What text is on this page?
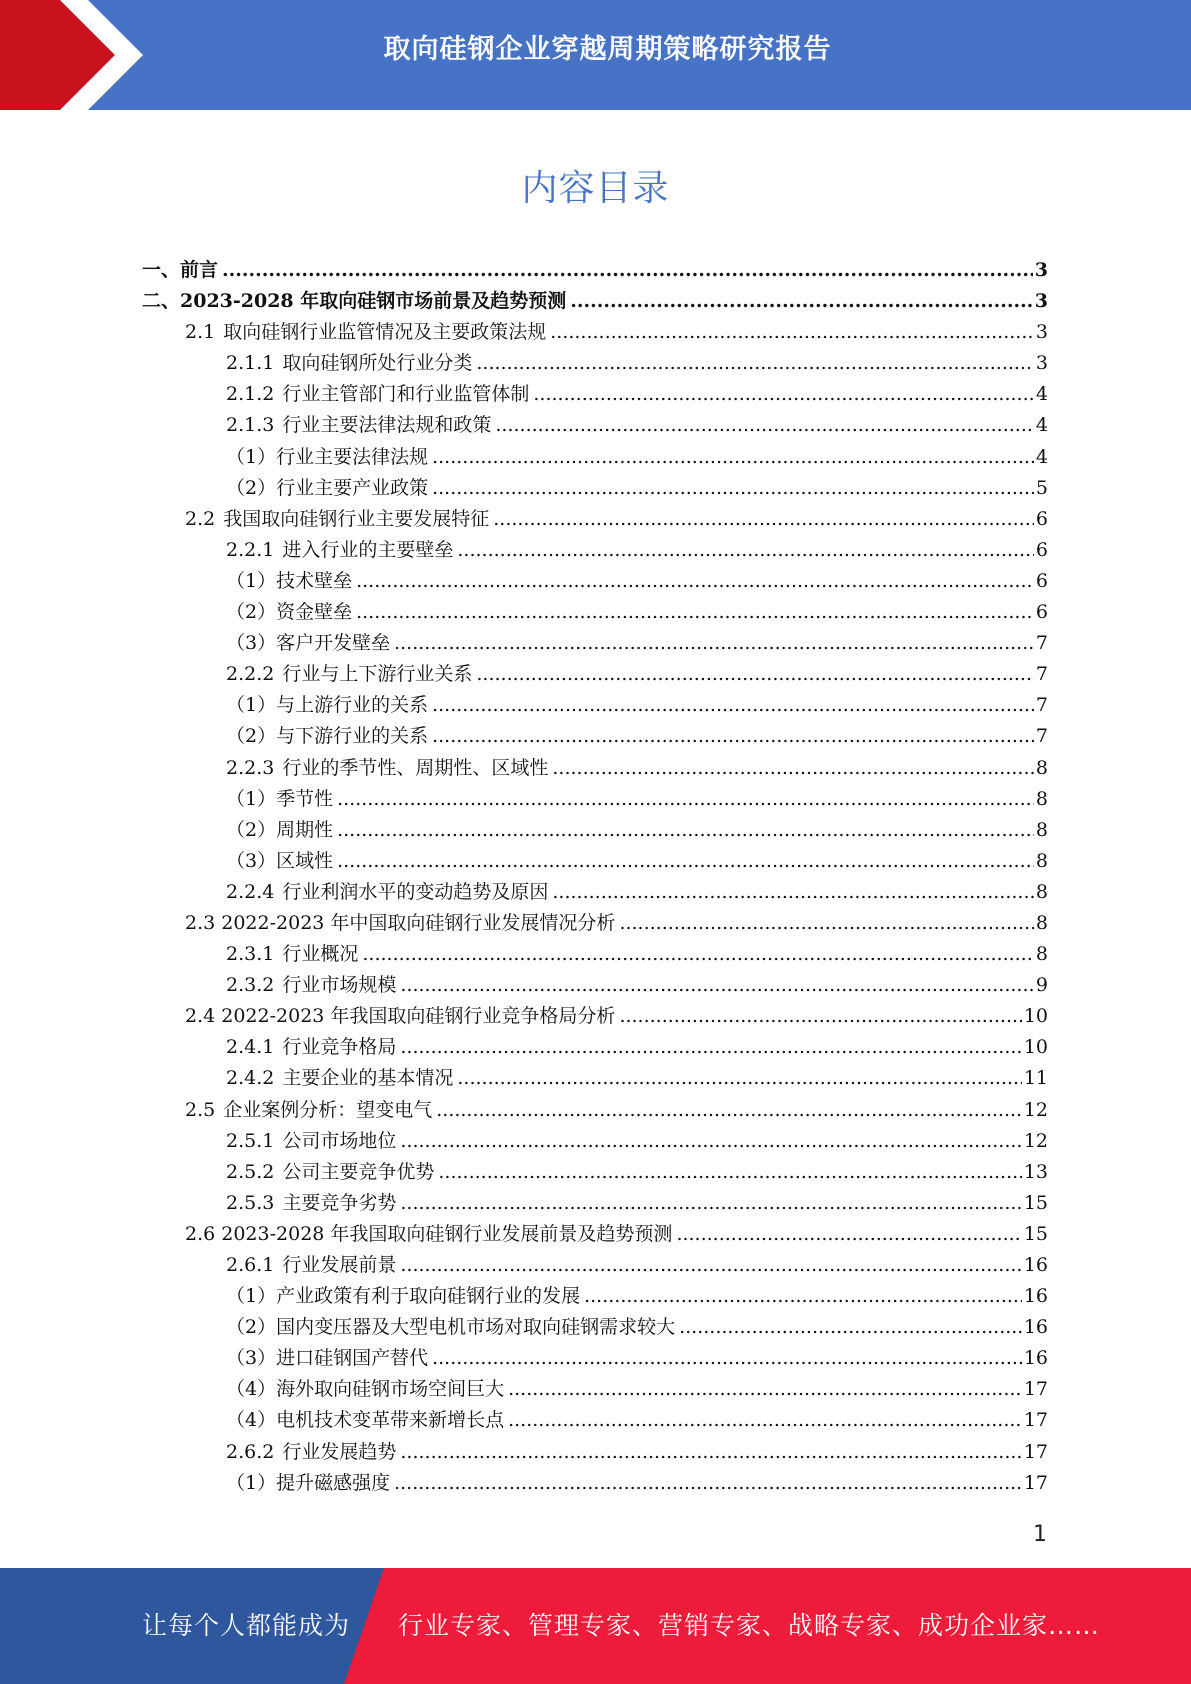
取向硅钢企业穿越周期策略研究报告
内容目录
一、前言 .....	3
二、2023-2028 年取向硅钢市场前景及趋势预测 .....	3
2.1 取向硅钢行业监管情况及主要政策法规 .....	3
2.1.1 取向硅钢所处行业分类 .....	3
2.1.2 行业主管部门和行业监管体制 .....	4
2.1.3 行业主要法律法规和政策 .....	4
（1）行业主要法律法规 .....	4
（2）行业主要产业政策 .....	5
2.2 我国取向硅钢行业主要发展特征 .....	6
2.2.1 进入行业的主要壁垒 .....	6
（1）技术壁垒 .....	6
（2）资金壁垒 .....	6
（3）客户开发壁垒 .....	7
2.2.2 行业与上下游行业关系 .....	7
（1）与上游行业的关系 .....	7
（2）与下游行业的关系 .....	7
2.2.3 行业的季节性、周期性、区域性 .....	8
（1）季节性 .....	8
（2）周期性 .....	8
（3）区域性 .....	8
2.2.4 行业利润水平的变动趋势及原因 .....	8
2.3 2022-2023 年中国取向硅钢行业发展情况分析 .....	8
2.3.1 行业概况 .....	8
2.3.2 行业市场规模 .....	9
2.4 2022-2023 年我国取向硅钢行业竞争格局分析 .....	10
2.4.1 行业竞争格局 .....	10
2.4.2 主要企业的基本情况 .....	11
2.5 企业案例分析：望变电气 .....	12
2.5.1 公司市场地位 .....	12
2.5.2 公司主要竞争优势 .....	13
2.5.3 主要竞争劣势 .....	15
2.6 2023-2028 年我国取向硅钢行业发展前景及趋势预测 .....	15
2.6.1 行业发展前景 .....	16
（1）产业政策有利于取向硅钢行业的发展 .....	16
（2）国内变压器及大型电机市场对取向硅钢需求较大 .....	16
（3）进口硅钢国产替代 .....	16
（4）海外取向硅钢市场空间巨大 .....	17
（4）电机技术变革带来新增长点 .....	17
2.6.2 行业发展趋势 .....	17
（1）提升磁感强度 .....	17
1
让每个人都能成为 行业专家、管理专家、营销专家、战略专家、成功企业家……
